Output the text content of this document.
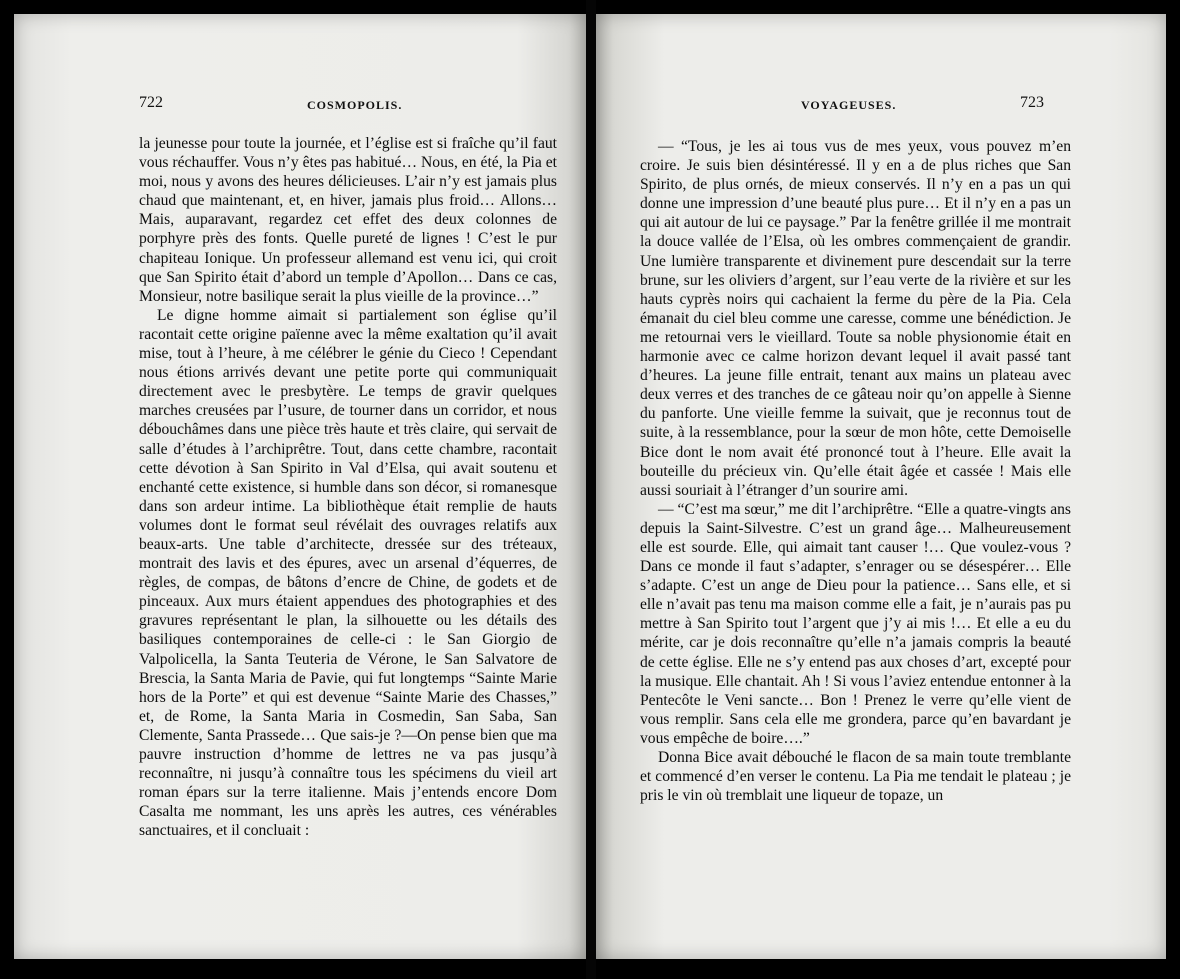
722	COSMOPOLIS.

la jeunesse pour toute la journée, et l’église est si fraîche qu’il faut vous réchauffer. Vous n’y êtes pas habitué… Nous, en été, la Pia et moi, nous y avons des heures délicieuses. L’air n’y est jamais plus chaud que maintenant, et, en hiver, jamais plus froid… Allons… Mais, auparavant, regardez cet effet des deux colonnes de porphyre près des fonts. Quelle pureté de lignes ! C’est le pur chapiteau Ionique. Un professeur allemand est venu ici, qui croit que San Spirito était d’abord un temple d’Apollon… Dans ce cas, Monsieur, notre basilique serait la plus vieille de la province…”

Le digne homme aimait si partialement son église qu’il racontait cette origine païenne avec la même exaltation qu’il avait mise, tout à l’heure, à me célébrer le génie du Cieco ! Cependant nous étions arrivés devant une petite porte qui communiquait directement avec le presbytère. Le temps de gravir quelques marches creusées par l’usure, de tourner dans un corridor, et nous débouchâmes dans une pièce très haute et très claire, qui servait de salle d’études à l’archiprêtre. Tout, dans cette chambre, racontait cette dévotion à San Spirito in Val d’Elsa, qui avait soutenu et enchanté cette existence, si humble dans son décor, si romanesque dans son ardeur intime. La bibliothèque était remplie de hauts volumes dont le format seul révélait des ouvrages relatifs aux beaux-arts. Une table d’architecte, dressée sur des tréteaux, montrait des lavis et des épures, avec un arsenal d’équerres, de règles, de compas, de bâtons d’encre de Chine, de godets et de pinceaux. Aux murs étaient appendues des photographies et des gravures représentant le plan, la silhouette ou les détails des basiliques contemporaines de celle-ci : le San Giorgio de Valpolicella, la Santa Teuteria de Vérone, le San Salvatore de Brescia, la Santa Maria de Pavie, qui fut longtemps “Sainte Marie hors de la Porte” et qui est devenue “Sainte Marie des Chasses,” et, de Rome, la Santa Maria in Cosmedin, San Saba, San Clemente, Santa Prassede… Que sais-je ?—On pense bien que ma pauvre instruction d’homme de lettres ne va pas jusqu’à reconnaître, ni jusqu’à connaître tous les spécimens du vieil art roman épars sur la terre italienne. Mais j’entends encore Dom Casalta me nommant, les uns après les autres, ces vénérables sanctuaires, et il concluait :

VOYAGEUSES.	723

— “Tous, je les ai tous vus de mes yeux, vous pouvez m’en croire. Je suis bien désintéressé. Il y en a de plus riches que San Spirito, de plus ornés, de mieux conservés. Il n’y en a pas un qui donne une impression d’une beauté plus pure… Et il n’y en a pas un qui ait autour de lui ce paysage.” Par la fenêtre grillée il me montrait la douce vallée de l’Elsa, où les ombres commençaient de grandir. Une lumière transparente et divinement pure descendait sur la terre brune, sur les oliviers d’argent, sur l’eau verte de la rivière et sur les hauts cyprès noirs qui cachaient la ferme du père de la Pia. Cela émanait du ciel bleu comme une caresse, comme une bénédiction. Je me retournai vers le vieillard. Toute sa noble physionomie était en harmonie avec ce calme horizon devant lequel il avait passé tant d’heures. La jeune fille entrait, tenant aux mains un plateau avec deux verres et des tranches de ce gâteau noir qu’on appelle à Sienne du panforte. Une vieille femme la suivait, que je reconnus tout de suite, à la ressemblance, pour la sœur de mon hôte, cette Demoiselle Bice dont le nom avait été prononcé tout à l’heure. Elle avait la bouteille du précieux vin. Qu’elle était âgée et cassée ! Mais elle aussi souriait à l’étranger d’un sourire ami.

— “C’est ma sœur,” me dit l’archiprêtre. “Elle a quatre-vingts ans depuis la Saint-Silvestre. C’est un grand âge… Malheureusement elle est sourde. Elle, qui aimait tant causer !… Que voulez-vous ? Dans ce monde il faut s’adapter, s’enrager ou se désespérer… Elle s’adapte. C’est un ange de Dieu pour la patience… Sans elle, et si elle n’avait pas tenu ma maison comme elle a fait, je n’aurais pas pu mettre à San Spirito tout l’argent que j’y ai mis !… Et elle a eu du mérite, car je dois reconnaître qu’elle n’a jamais compris la beauté de cette église. Elle ne s’y entend pas aux choses d’art, excepté pour la musique. Elle chantait. Ah ! Si vous l’aviez entendue entonner à la Pentecôte le Veni sancte… Bon ! Prenez le verre qu’elle vient de vous remplir. Sans cela elle me grondera, parce qu’en bavardant je vous empêche de boire….”

Donna Bice avait débouché le flacon de sa main toute tremblante et commencé d’en verser le contenu. La Pia me tendait le plateau ; je pris le vin où tremblait une liqueur de topaze, un
